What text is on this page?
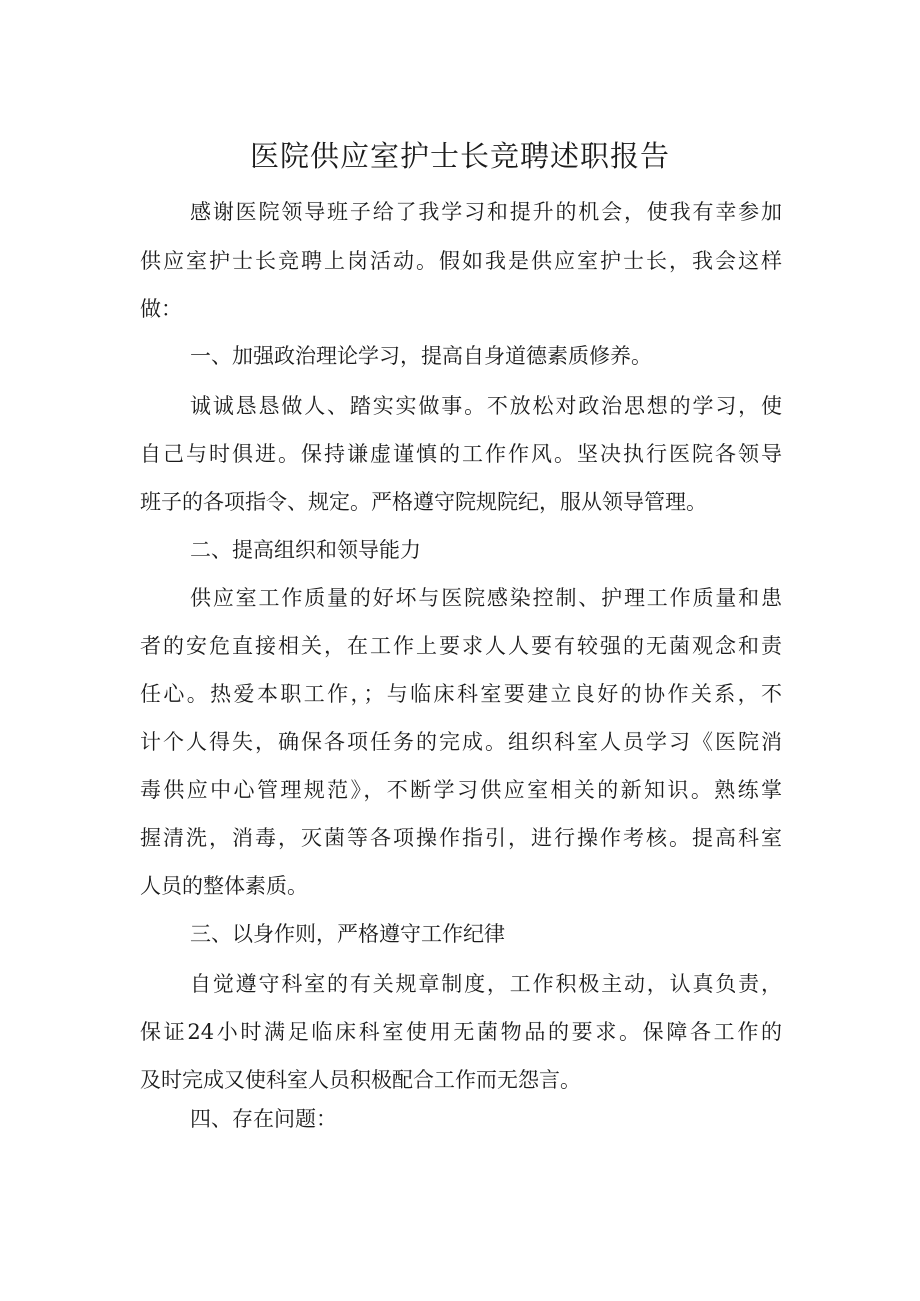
医院供应室护士长竞聘述职报告
感谢医院领导班子给了我学习和提升的机会，使我有幸参加
供应室护士长竞聘上岗活动。假如我是供应室护士长，我会这样
做：
一、加强政治理论学习，提高自身道德素质修养。
诚诚恳恳做人、踏实实做事。不放松对政治思想的学习，使
自己与时俱进。保持谦虚谨慎的工作作风。坚决执行医院各领导
班子的各项指令、规定。严格遵守院规院纪，服从领导管理。
二、提高组织和领导能力
供应室工作质量的好坏与医院感染控制、护理工作质量和患
者的安危直接相关，在工作上要求人人要有较强的无菌观念和责
任心。热爱本职工作，；与临床科室要建立良好的协作关系，不
计个人得失，确保各项任务的完成。组织科室人员学习《医院消
毒供应中心管理规范》，不断学习供应室相关的新知识。熟练掌
握清洗，消毒，灭菌等各项操作指引，进行操作考核。提高科室
人员的整体素质。
三、以身作则，严格遵守工作纪律
自觉遵守科室的有关规章制度，工作积极主动，认真负责，
保证24小时满足临床科室使用无菌物品的要求。保障各工作的
及时完成又使科室人员积极配合工作而无怨言。
四、存在问题：
